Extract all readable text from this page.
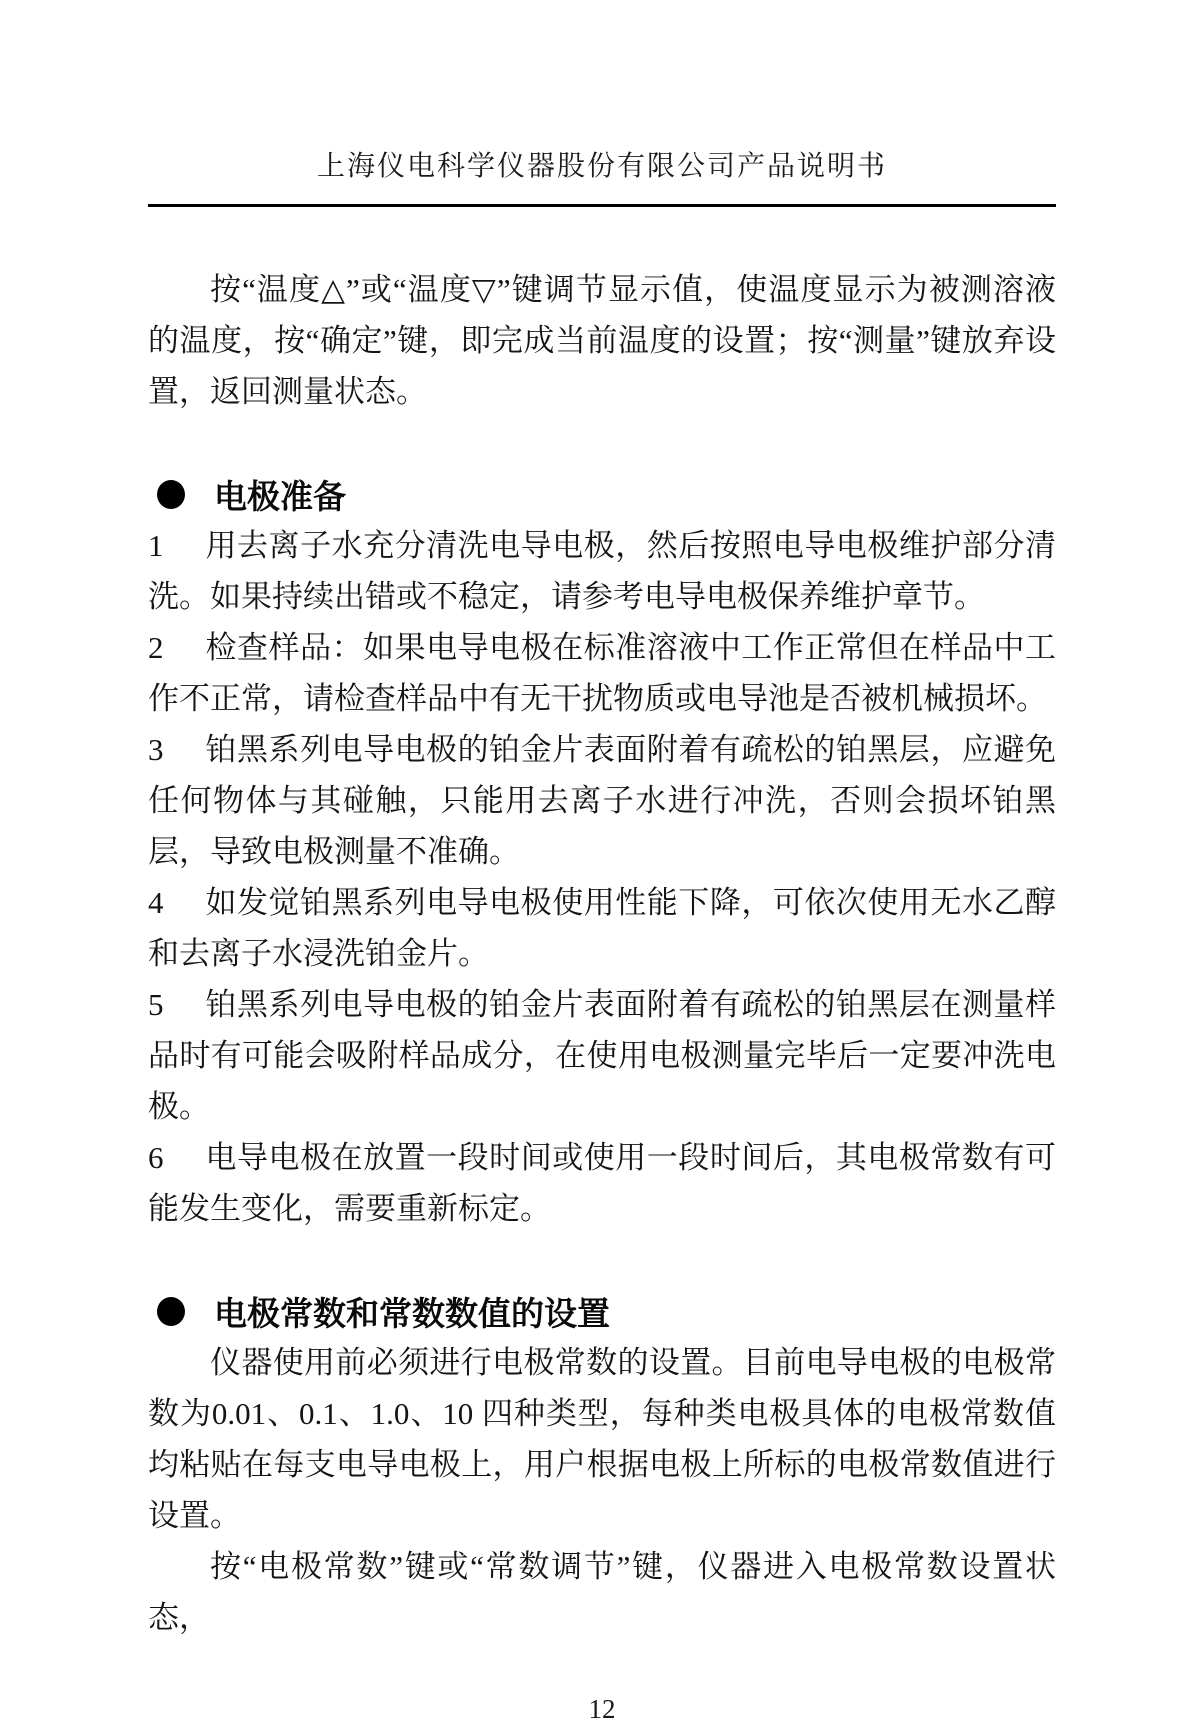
上海仪电科学仪器股份有限公司产品说明书

按“温度△”或“温度▽”键调节显示值，使温度显示为被测溶液的温度，按“确定”键，即完成当前温度的设置；按“测量”键放弃设置，返回测量状态。

电极准备

1 用去离子水充分清洗电导电极，然后按照电导电极维护部分清洗。如果持续出错或不稳定，请参考电导电极保养维护章节。

2 检查样品：如果电导电极在标准溶液中工作正常但在样品中工作不正常，请检查样品中有无干扰物质或电导池是否被机械损坏。

3 铂黑系列电导电极的铂金片表面附着有疏松的铂黑层，应避免任何物体与其碰触，只能用去离子水进行冲洗，否则会损坏铂黑层，导致电极测量不准确。

4 如发觉铂黑系列电导电极使用性能下降，可依次使用无水乙醇和去离子水浸洗铂金片。

5 铂黑系列电导电极的铂金片表面附着有疏松的铂黑层在测量样品时有可能会吸附样品成分，在使用电极测量完毕后一定要冲洗电极。

6 电导电极在放置一段时间或使用一段时间后，其电极常数有可能发生变化，需要重新标定。

电极常数和常数数值的设置

仪器使用前必须进行电极常数的设置。目前电导电极的电极常数为0.01、0.1、1.0、10 四种类型，每种类电极具体的电极常数值均粘贴在每支电导电极上，用户根据电极上所标的电极常数值进行设置。

按“电极常数”键或“常数调节”键，仪器进入电极常数设置状态，

12
